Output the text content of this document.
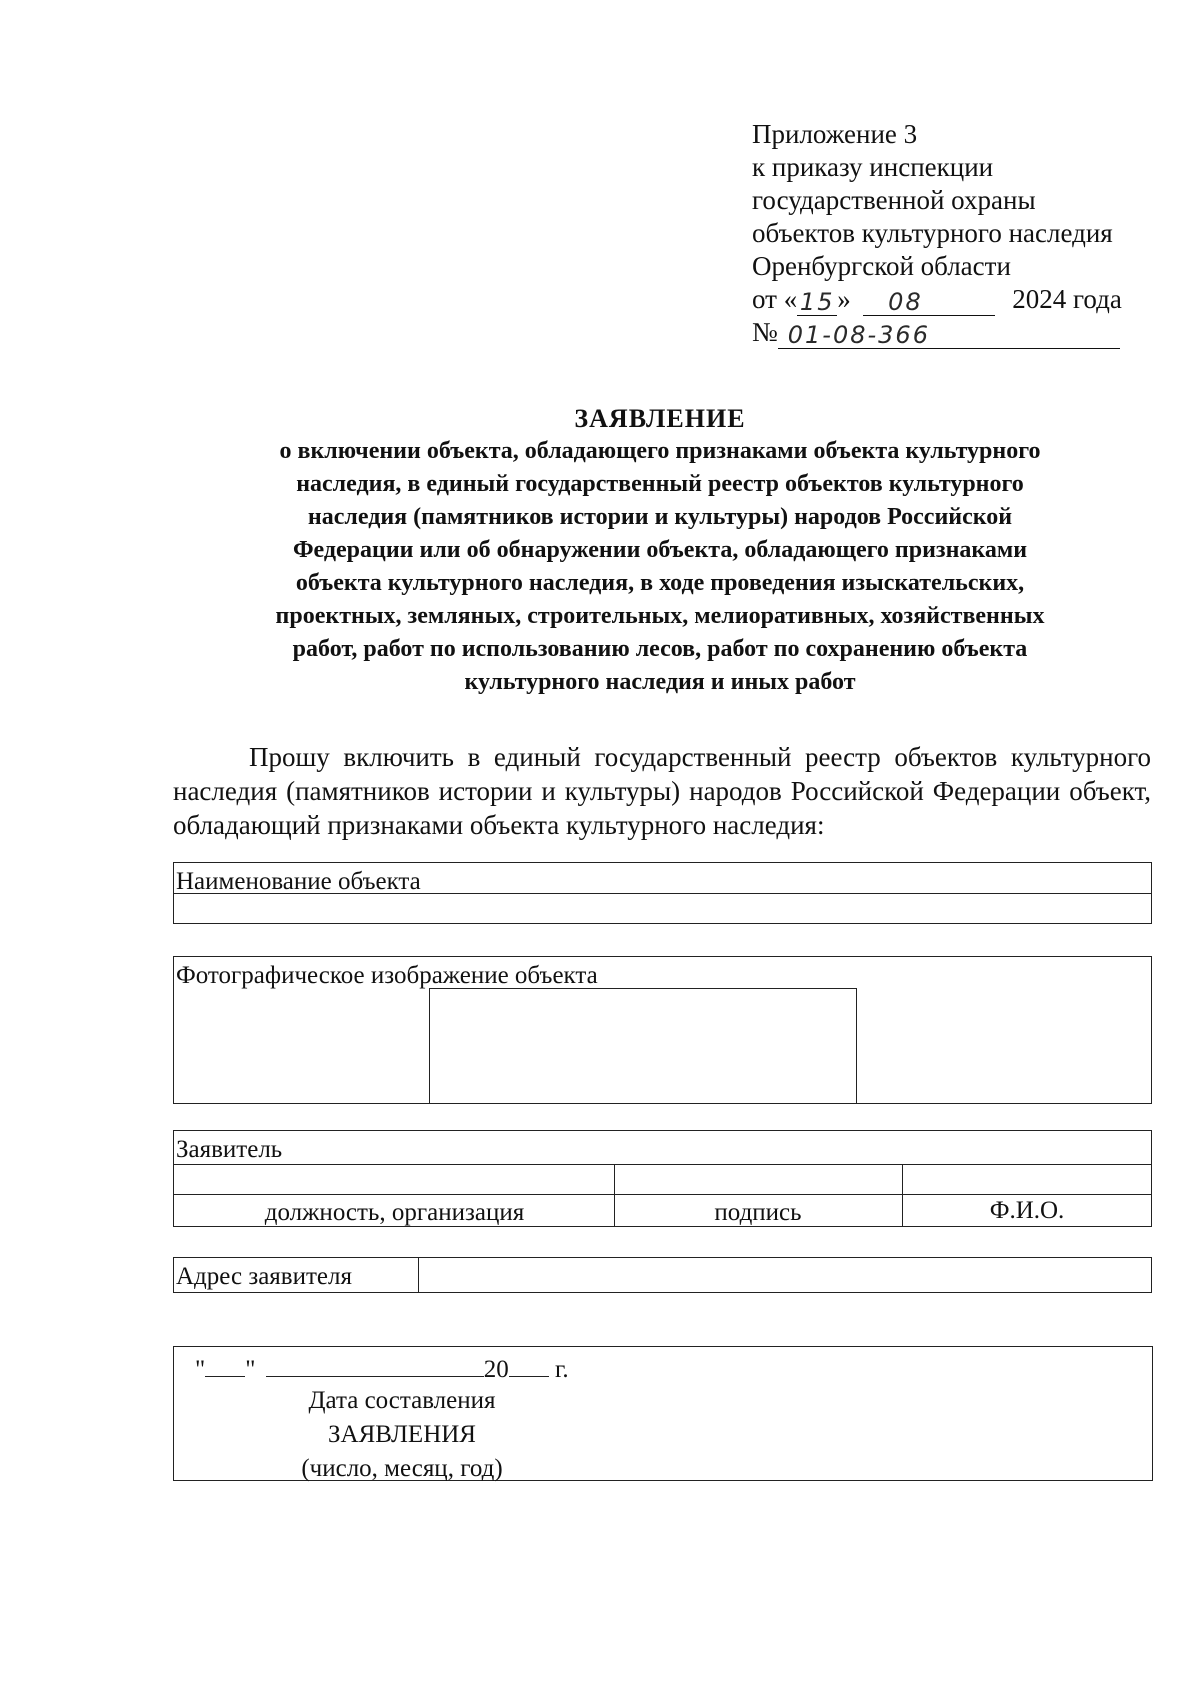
Приложение 3
к приказу инспекции
государственной охраны
объектов культурного наследия
Оренбургской области
от « 15 » 08	2024 года
№ 01-08-366
ЗАЯВЛЕНИЕ
о включении объекта, обладающего признаками объекта культурного
наследия, в единый государственный реестр объектов культурного
наследия (памятников истории и культуры) народов Российской
Федерации или об обнаружении объекта, обладающего признаками
объекта культурного наследия, в ходе проведения изыскательских,
проектных, земляных, строительных, мелиоративных, хозяйственных
работ, работ по использованию лесов, работ по сохранению объекта
культурного наследия и иных работ
Прошу включить в единый государственный реестр объектов культурного наследия (памятников истории и культуры) народов Российской Федерации объект, обладающий признаками объекта культурного наследия:
Наименование объекта
Фотографическое изображение объекта
Заявитель
должность, организация	подпись	Ф.И.О.
Адрес заявителя
" "	20 г.
Дата составления
ЗАЯВЛЕНИЯ
(число, месяц, год)
